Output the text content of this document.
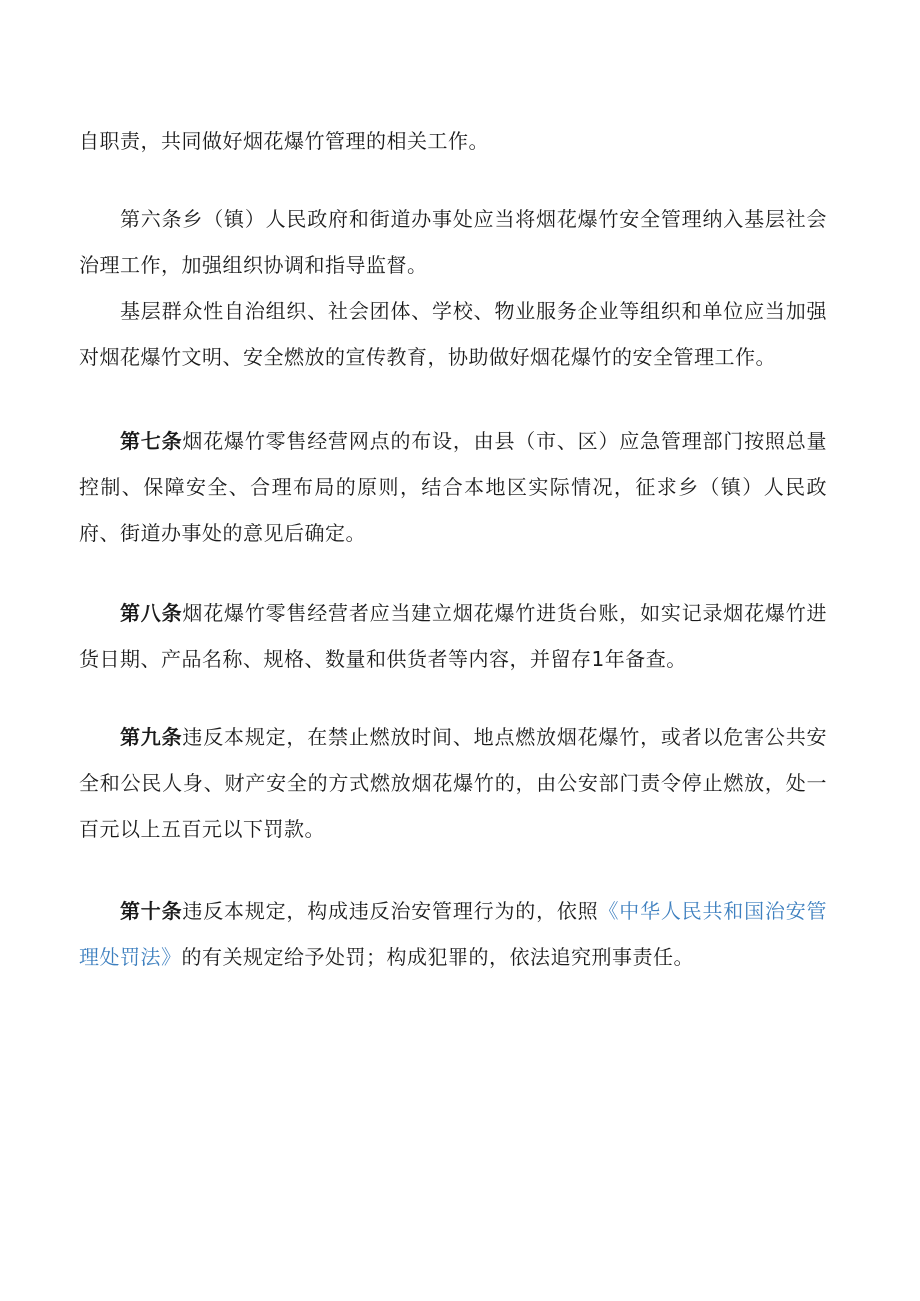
自职责，共同做好烟花爆竹管理的相关工作。

第六条乡（镇）人民政府和街道办事处应当将烟花爆竹安全管理纳入基层社会治理工作，加强组织协调和指导监督。

基层群众性自治组织、社会团体、学校、物业服务企业等组织和单位应当加强对烟花爆竹文明、安全燃放的宣传教育，协助做好烟花爆竹的安全管理工作。

第七条烟花爆竹零售经营网点的布设，由县（市、区）应急管理部门按照总量控制、保障安全、合理布局的原则，结合本地区实际情况，征求乡（镇）人民政府、街道办事处的意见后确定。

第八条烟花爆竹零售经营者应当建立烟花爆竹进货台账，如实记录烟花爆竹进货日期、产品名称、规格、数量和供货者等内容，并留存1年备查。

第九条违反本规定，在禁止燃放时间、地点燃放烟花爆竹，或者以危害公共安全和公民人身、财产安全的方式燃放烟花爆竹的，由公安部门责令停止燃放，处一百元以上五百元以下罚款。

第十条违反本规定，构成违反治安管理行为的，依照《中华人民共和国治安管理处罚法》的有关规定给予处罚；构成犯罪的，依法追究刑事责任。
